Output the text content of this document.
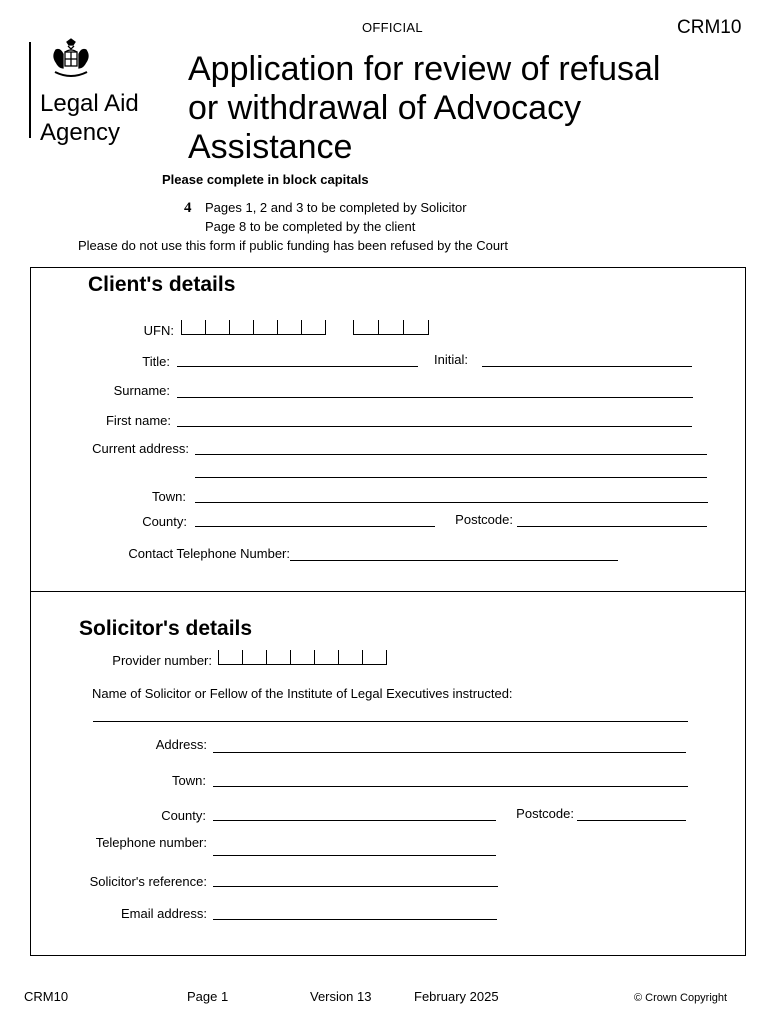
OFFICIAL	CRM10
Legal Aid
Agency
Application for review of refusal
or withdrawal of Advocacy
Assistance
Please complete in block capitals
4 Pages 1, 2 and 3 to be completed by Solicitor
Page 8 to be completed by the client
Please do not use this form if public funding has been refused by the Court
Client's details
UFN:
Title:	Initial:
Surname:
First name:
Current address:
Town:
County:	Postcode:
Contact Telephone Number:
Solicitor's details
Provider number:
Name of Solicitor or Fellow of the Institute of Legal Executives instructed:
Address:
Town:
County:	Postcode:
Telephone number:
Solicitor's reference:
Email address:
CRM10	Page 1	Version 13	February 2025	© Crown Copyright
